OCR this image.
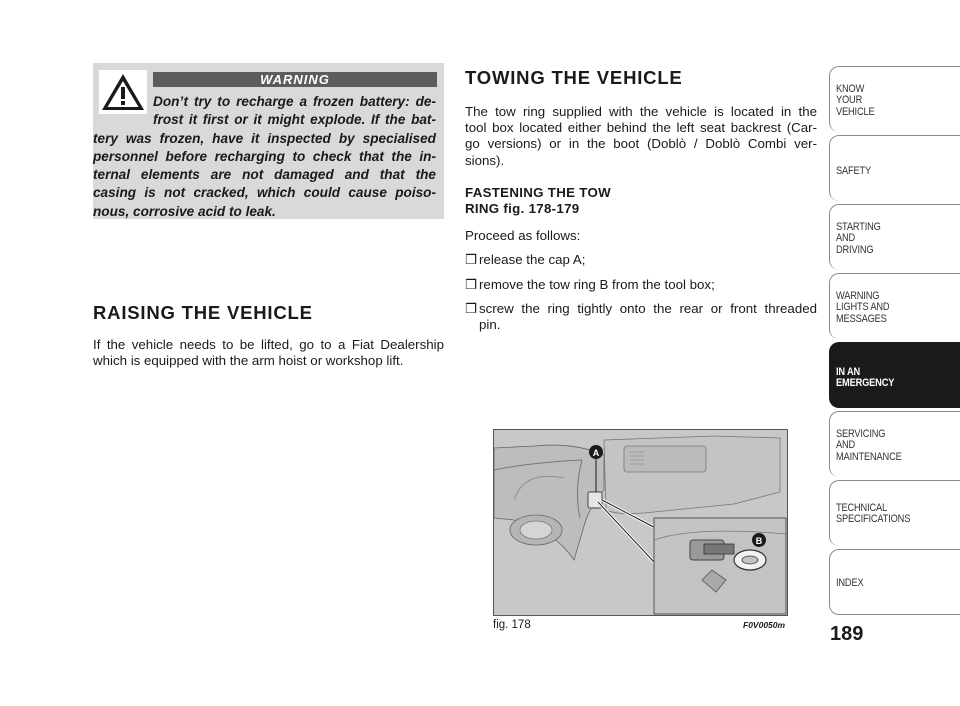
WARNING
Don’t try to recharge a frozen battery: de-
frost it first or it might explode. If the bat-
tery was frozen, have it inspected by specialised
personnel before recharging to check that the in-
ternal elements are not damaged and that the
casing is not cracked, which could cause poiso-
nous, corrosive acid to leak.
RAISING THE VEHICLE
If the vehicle needs to be lifted, go to a Fiat Dealership
which is equipped with the arm hoist or workshop lift.
TOWING THE VEHICLE
The tow ring supplied with the vehicle is located in the
tool box located either behind the left seat backrest (Car-
go versions) or in the boot (Doblò / Doblò Combi ver-
sions).
FASTENING THE TOW
RING fig. 178-179
Proceed as follows:
❒ release the cap A;
❒ remove the tow ring B from the tool box;
❒ screw the ring tightly onto the rear or front threaded
pin.
A
B
fig. 178	F0V0050m
KNOW
YOUR
VEHICLE
SAFETY
STARTING
AND
DRIVING
WARNING
LIGHTS AND
MESSAGES
IN AN
EMERGENCY
SERVICING
AND
MAINTENANCE
TECHNICAL
SPECIFICATIONS
INDEX
189
